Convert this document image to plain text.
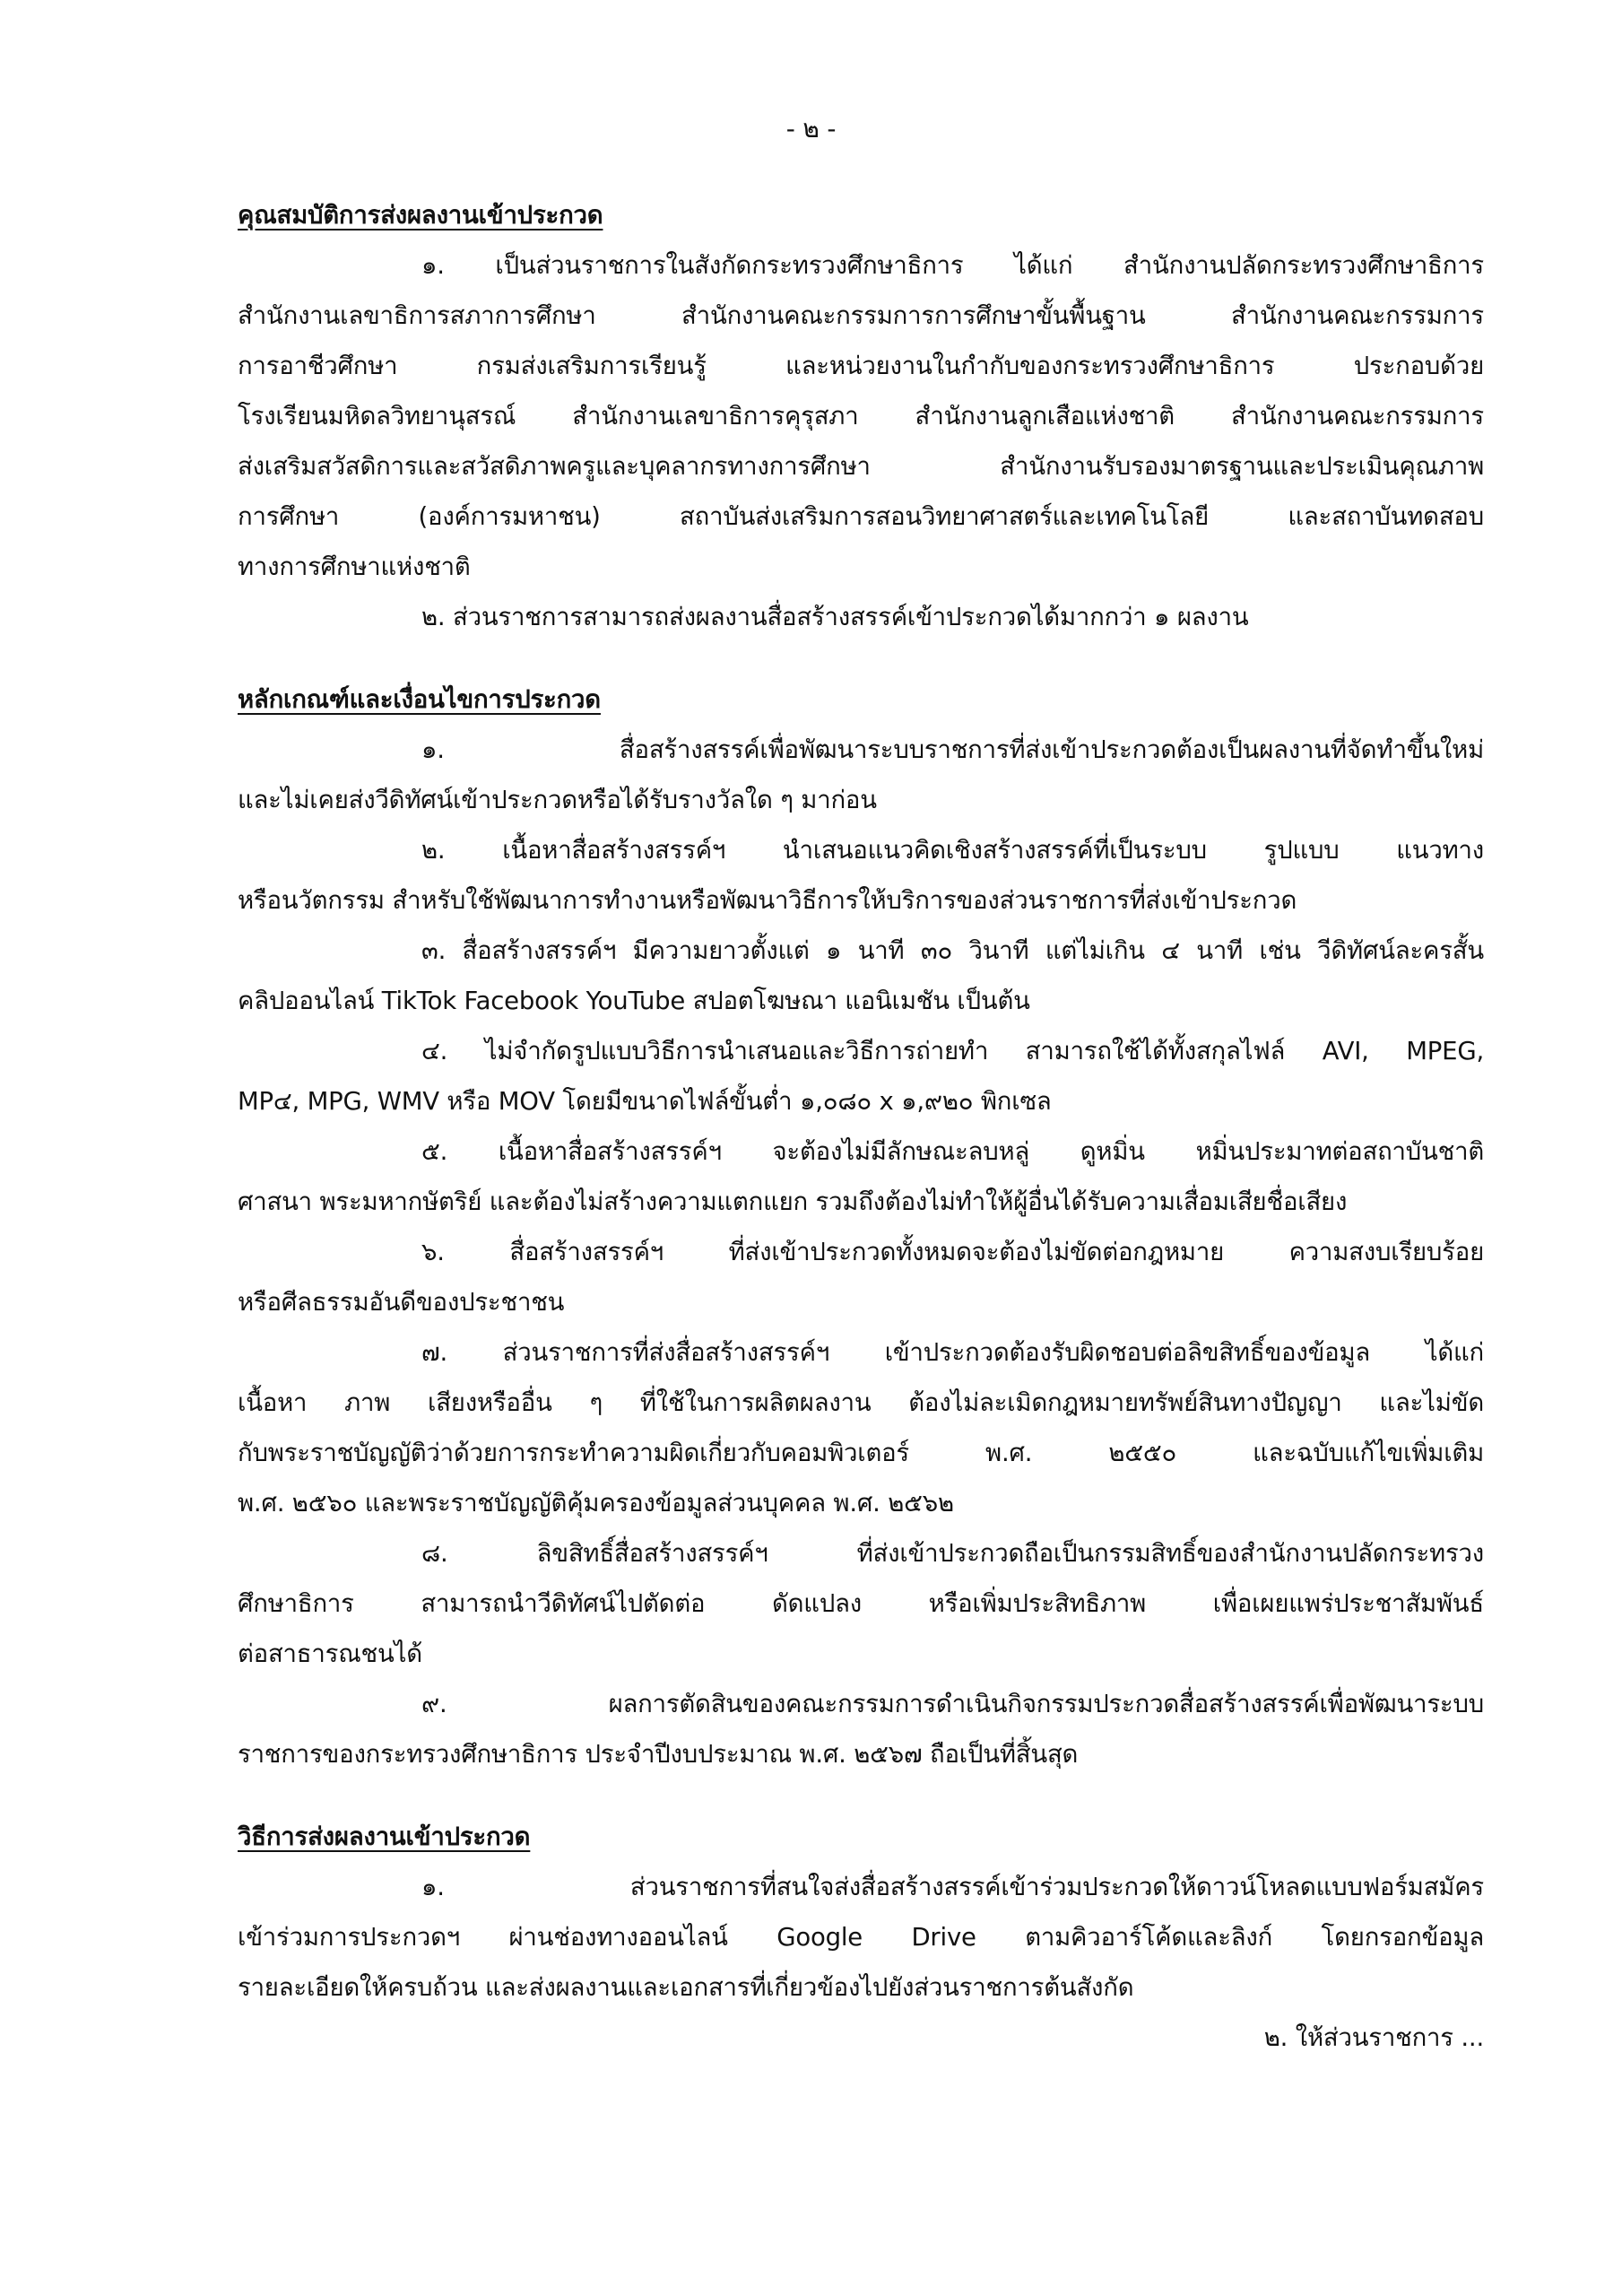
- ๒ -
คุณสมบัติการส่งผลงานเข้าประกวด
๑. เป็นส่วนราชการในสังกัดกระทรวงศึกษาธิการ ได้แก่ สำนักงานปลัดกระทรวงศึกษาธิการ
สำนักงานเลขาธิการสภาการศึกษา สำนักงานคณะกรรมการการศึกษาขั้นพื้นฐาน สำนักงานคณะกรรมการ
การอาชีวศึกษา กรมส่งเสริมการเรียนรู้ และหน่วยงานในกำกับของกระทรวงศึกษาธิการ ประกอบด้วย
โรงเรียนมหิดลวิทยานุสรณ์ สำนักงานเลขาธิการคุรุสภา สำนักงานลูกเสือแห่งชาติ สำนักงานคณะกรรมการ
ส่งเสริมสวัสดิการและสวัสดิภาพครูและบุคลากรทางการศึกษา สำนักงานรับรองมาตรฐานและประเมินคุณภาพ
การศึกษา (องค์การมหาชน) สถาบันส่งเสริมการสอนวิทยาศาสตร์และเทคโนโลยี และสถาบันทดสอบ
ทางการศึกษาแห่งชาติ
๒. ส่วนราชการสามารถส่งผลงานสื่อสร้างสรรค์เข้าประกวดได้มากกว่า ๑ ผลงาน
หลักเกณฑ์และเงื่อนไขการประกวด
๑. สื่อสร้างสรรค์เพื่อพัฒนาระบบราชการที่ส่งเข้าประกวดต้องเป็นผลงานที่จัดทำขึ้นใหม่
และไม่เคยส่งวีดิทัศน์เข้าประกวดหรือได้รับรางวัลใด ๆ มาก่อน
๒. เนื้อหาสื่อสร้างสรรค์ฯ นำเสนอแนวคิดเชิงสร้างสรรค์ที่เป็นระบบ รูปแบบ แนวทาง
หรือนวัตกรรม สำหรับใช้พัฒนาการทำงานหรือพัฒนาวิธีการให้บริการของส่วนราชการที่ส่งเข้าประกวด
๓. สื่อสร้างสรรค์ฯ มีความยาวตั้งแต่ ๑ นาที ๓๐ วินาที แต่ไม่เกิน ๔ นาที เช่น วีดิทัศน์ละครสั้น
คลิปออนไลน์ TikTok Facebook YouTube สปอตโฆษณา แอนิเมชัน เป็นต้น
๔. ไม่จำกัดรูปแบบวิธีการนำเสนอและวิธีการถ่ายทำ สามารถใช้ได้ทั้งสกุลไฟล์ AVI, MPEG,
MP๔, MPG, WMV หรือ MOV โดยมีขนาดไฟล์ขั้นต่ำ ๑,๐๘๐ x ๑,๙๒๐ พิกเซล
๕. เนื้อหาสื่อสร้างสรรค์ฯ จะต้องไม่มีลักษณะลบหลู่ ดูหมิ่น หมิ่นประมาทต่อสถาบันชาติ
ศาสนา พระมหากษัตริย์ และต้องไม่สร้างความแตกแยก รวมถึงต้องไม่ทำให้ผู้อื่นได้รับความเสื่อมเสียชื่อเสียง
๖. สื่อสร้างสรรค์ฯ ที่ส่งเข้าประกวดทั้งหมดจะต้องไม่ขัดต่อกฎหมาย ความสงบเรียบร้อย
หรือศีลธรรมอันดีของประชาชน
๗. ส่วนราชการที่ส่งสื่อสร้างสรรค์ฯ เข้าประกวดต้องรับผิดชอบต่อลิขสิทธิ์ของข้อมูล ได้แก่
เนื้อหา ภาพ เสียงหรืออื่น ๆ ที่ใช้ในการผลิตผลงาน ต้องไม่ละเมิดกฎหมายทรัพย์สินทางปัญญา และไม่ขัด
กับพระราชบัญญัติว่าด้วยการกระทำความผิดเกี่ยวกับคอมพิวเตอร์ พ.ศ. ๒๕๕๐ และฉบับแก้ไขเพิ่มเติม
พ.ศ. ๒๕๖๐ และพระราชบัญญัติคุ้มครองข้อมูลส่วนบุคคล พ.ศ. ๒๕๖๒
๘. ลิขสิทธิ์สื่อสร้างสรรค์ฯ ที่ส่งเข้าประกวดถือเป็นกรรมสิทธิ์ของสำนักงานปลัดกระทรวง
ศึกษาธิการ สามารถนำวีดิทัศน์ไปตัดต่อ ดัดแปลง หรือเพิ่มประสิทธิภาพ เพื่อเผยแพร่ประชาสัมพันธ์
ต่อสาธารณชนได้
๙. ผลการตัดสินของคณะกรรมการดำเนินกิจกรรมประกวดสื่อสร้างสรรค์เพื่อพัฒนาระบบ
ราชการของกระทรวงศึกษาธิการ ประจำปีงบประมาณ พ.ศ. ๒๕๖๗ ถือเป็นที่สิ้นสุด
วิธีการส่งผลงานเข้าประกวด
๑. ส่วนราชการที่สนใจส่งสื่อสร้างสรรค์เข้าร่วมประกวดให้ดาวน์โหลดแบบฟอร์มสมัคร
เข้าร่วมการประกวดฯ ผ่านช่องทางออนไลน์ Google Drive ตามคิวอาร์โค้ดและลิงก์ โดยกรอกข้อมูล
รายละเอียดให้ครบถ้วน และส่งผลงานและเอกสารที่เกี่ยวข้องไปยังส่วนราชการต้นสังกัด
๒. ให้ส่วนราชการ ...
